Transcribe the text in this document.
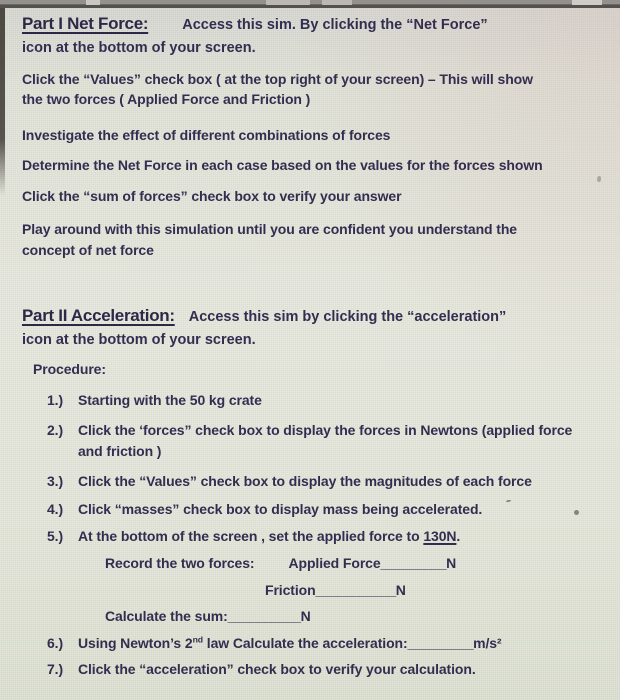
Part I Net Force: Access this sim. By clicking the “Net Force”
icon at the bottom of your screen.
Click the “Values” check box ( at the top right of your screen) – This will show
the two forces ( Applied Force and Friction )
Investigate the effect of different combinations of forces
Determine the Net Force in each case based on the values for the forces shown
Click the “sum of forces” check box to verify your answer
Play around with this simulation until you are confident you understand the
concept of net force
Part II Acceleration: Access this sim by clicking the “acceleration”
icon at the bottom of your screen.
Procedure:
1.)	Starting with the 50 kg crate
2.)	Click the ‘forces” check box to display the forces in Newtons (applied force
and friction )
3.)	Click the “Values” check box to display the magnitudes of each force
4.)	Click “masses” check box to display mass being accelerated.
5.)	At the bottom of the screen , set the applied force to 130N.
Record the two forces: Applied Force_________N
Friction___________N
Calculate the sum:__________N
6.)	Using Newton’s 2nd law Calculate the acceleration:_________m/s²
7.)	Click the “acceleration” check box to verify your calculation.
